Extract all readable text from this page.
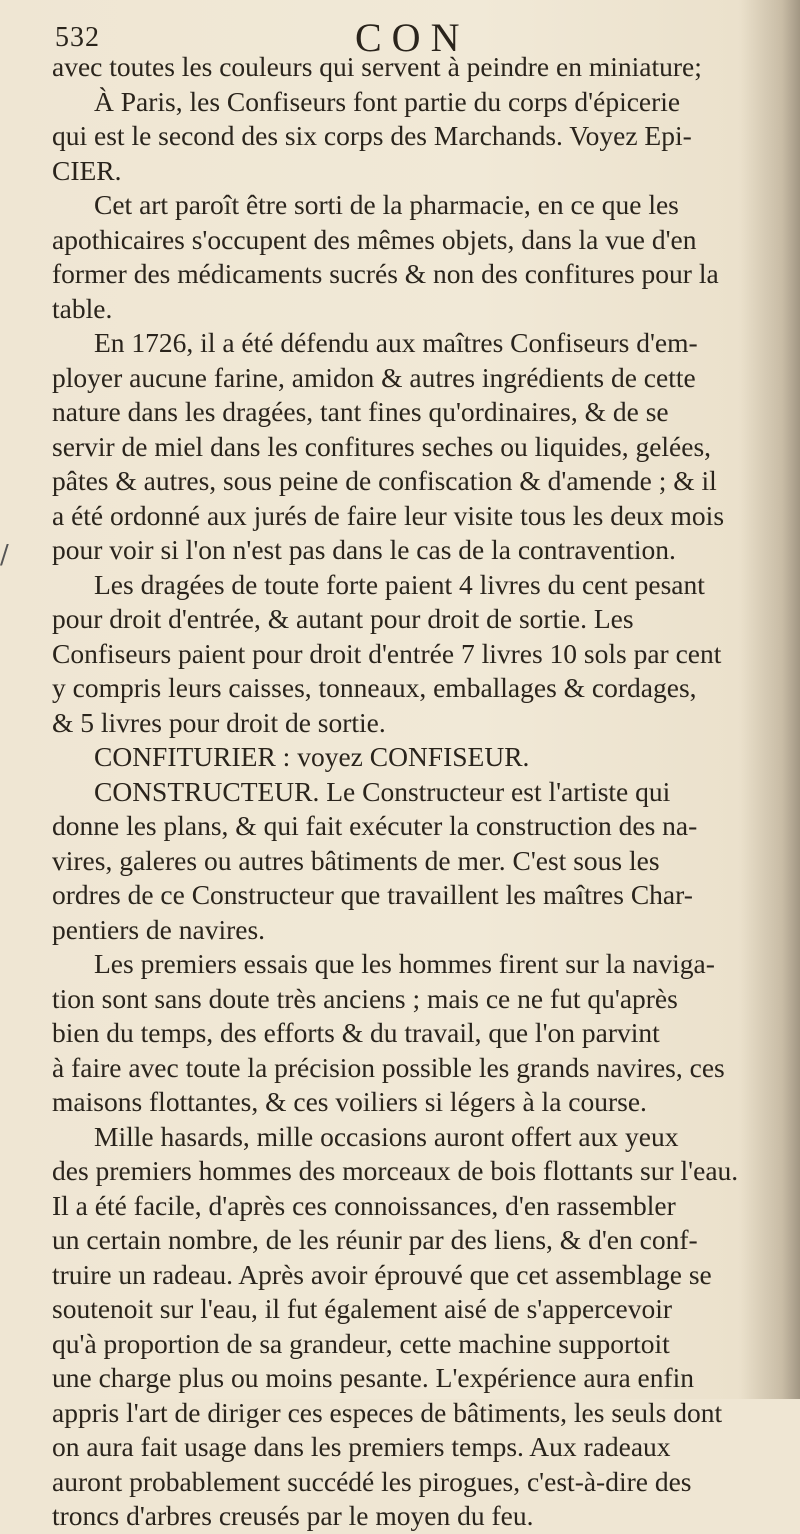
532	CON
/
avec toutes les couleurs qui servent à peindre en miniature;
À Paris, les Confiseurs font partie du corps d'épicerie
qui est le second des six corps des Marchands. Voyez Epi-
CIER.
Cet art paroît être sorti de la pharmacie, en ce que les
apothicaires s'occupent des mêmes objets, dans la vue d'en
former des médicaments sucrés & non des confitures pour la
table.
En 1726, il a été défendu aux maîtres Confiseurs d'em-
ployer aucune farine, amidon & autres ingrédients de cette
nature dans les dragées, tant fines qu'ordinaires, & de se
servir de miel dans les confitures seches ou liquides, gelées,
pâtes & autres, sous peine de confiscation & d'amende ; & il
a été ordonné aux jurés de faire leur visite tous les deux mois
pour voir si l'on n'est pas dans le cas de la contravention.
Les dragées de toute forte paient 4 livres du cent pesant
pour droit d'entrée, & autant pour droit de sortie. Les
Confiseurs paient pour droit d'entrée 7 livres 10 sols par cent
y compris leurs caisses, tonneaux, emballages & cordages,
& 5 livres pour droit de sortie.
CONFITURIER : voyez CONFISEUR.
CONSTRUCTEUR. Le Constructeur est l'artiste qui
donne les plans, & qui fait exécuter la construction des na-
vires, galeres ou autres bâtiments de mer. C'est sous les
ordres de ce Constructeur que travaillent les maîtres Char-
pentiers de navires.
Les premiers essais que les hommes firent sur la naviga-
tion sont sans doute très anciens ; mais ce ne fut qu'après
bien du temps, des efforts & du travail, que l'on parvint
à faire avec toute la précision possible les grands navires, ces
maisons flottantes, & ces voiliers si légers à la course.
Mille hasards, mille occasions auront offert aux yeux
des premiers hommes des morceaux de bois flottants sur l'eau.
Il a été facile, d'après ces connoissances, d'en rassembler
un certain nombre, de les réunir par des liens, & d'en conf-
truire un radeau. Après avoir éprouvé que cet assemblage se
soutenoit sur l'eau, il fut également aisé de s'appercevoir
qu'à proportion de sa grandeur, cette machine supportoit
une charge plus ou moins pesante. L'expérience aura enfin
appris l'art de diriger ces especes de bâtiments, les seuls dont
on aura fait usage dans les premiers temps. Aux radeaux
auront probablement succédé les pirogues, c'est-à-dire des
troncs d'arbres creusés par le moyen du feu.
